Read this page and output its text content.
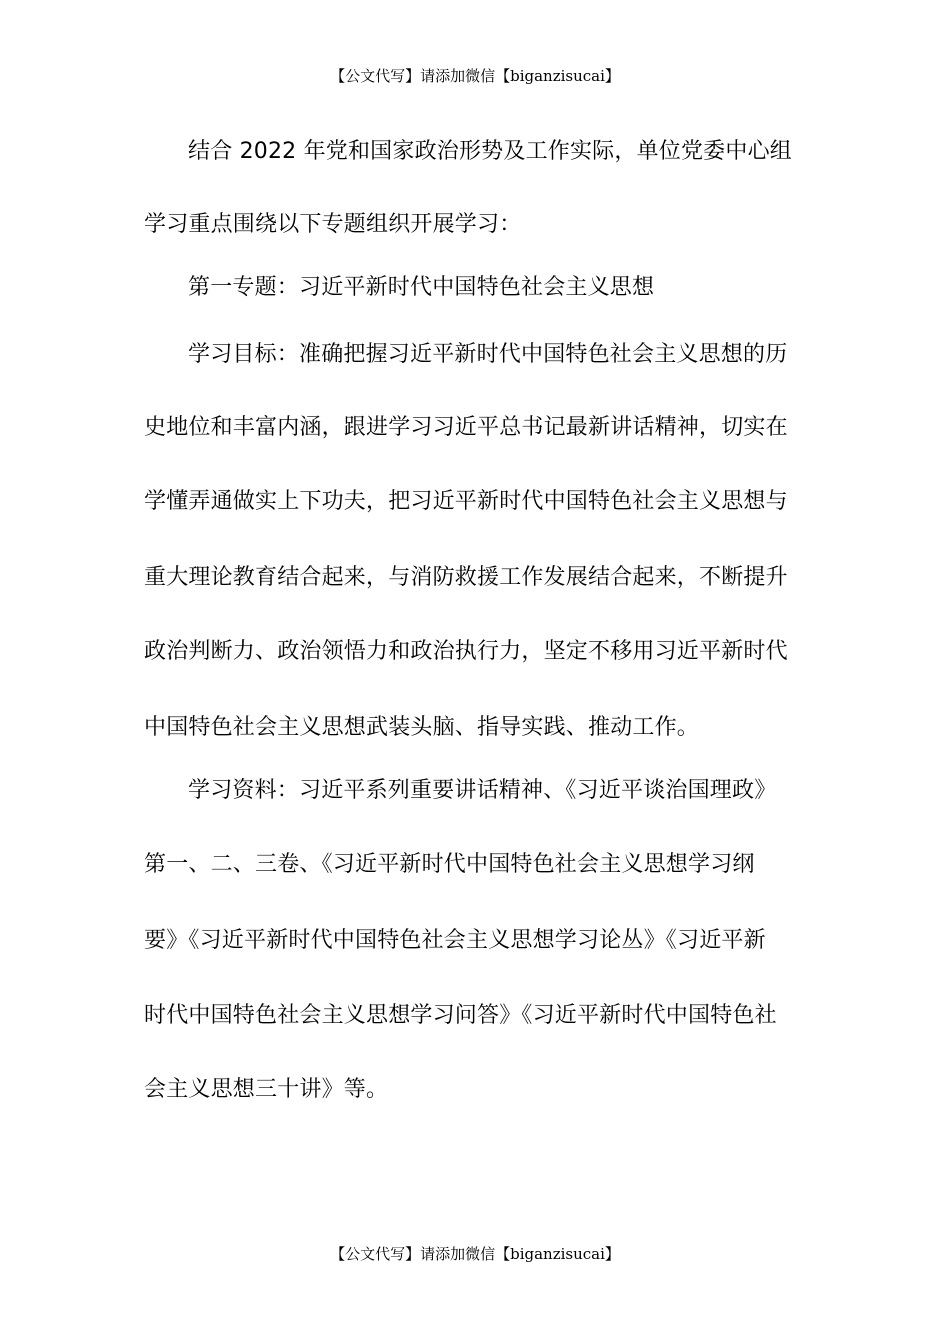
【公文代写】请添加微信【biganzisucai】
结合 2022 年党和国家政治形势及工作实际，单位党委中心组
学习重点围绕以下专题组织开展学习：
第一专题：习近平新时代中国特色社会主义思想
学习目标：准确把握习近平新时代中国特色社会主义思想的历
史地位和丰富内涵，跟进学习习近平总书记最新讲话精神，切实在
学懂弄通做实上下功夫，把习近平新时代中国特色社会主义思想与
重大理论教育结合起来，与消防救援工作发展结合起来，不断提升
政治判断力、政治领悟力和政治执行力，坚定不移用习近平新时代
中国特色社会主义思想武装头脑、指导实践、推动工作。
学习资料：习近平系列重要讲话精神、《习近平谈治国理政》
第一、二、三卷、《习近平新时代中国特色社会主义思想学习纲
要》《习近平新时代中国特色社会主义思想学习论丛》《习近平新
时代中国特色社会主义思想学习问答》《习近平新时代中国特色社
会主义思想三十讲》等。
【公文代写】请添加微信【biganzisucai】
